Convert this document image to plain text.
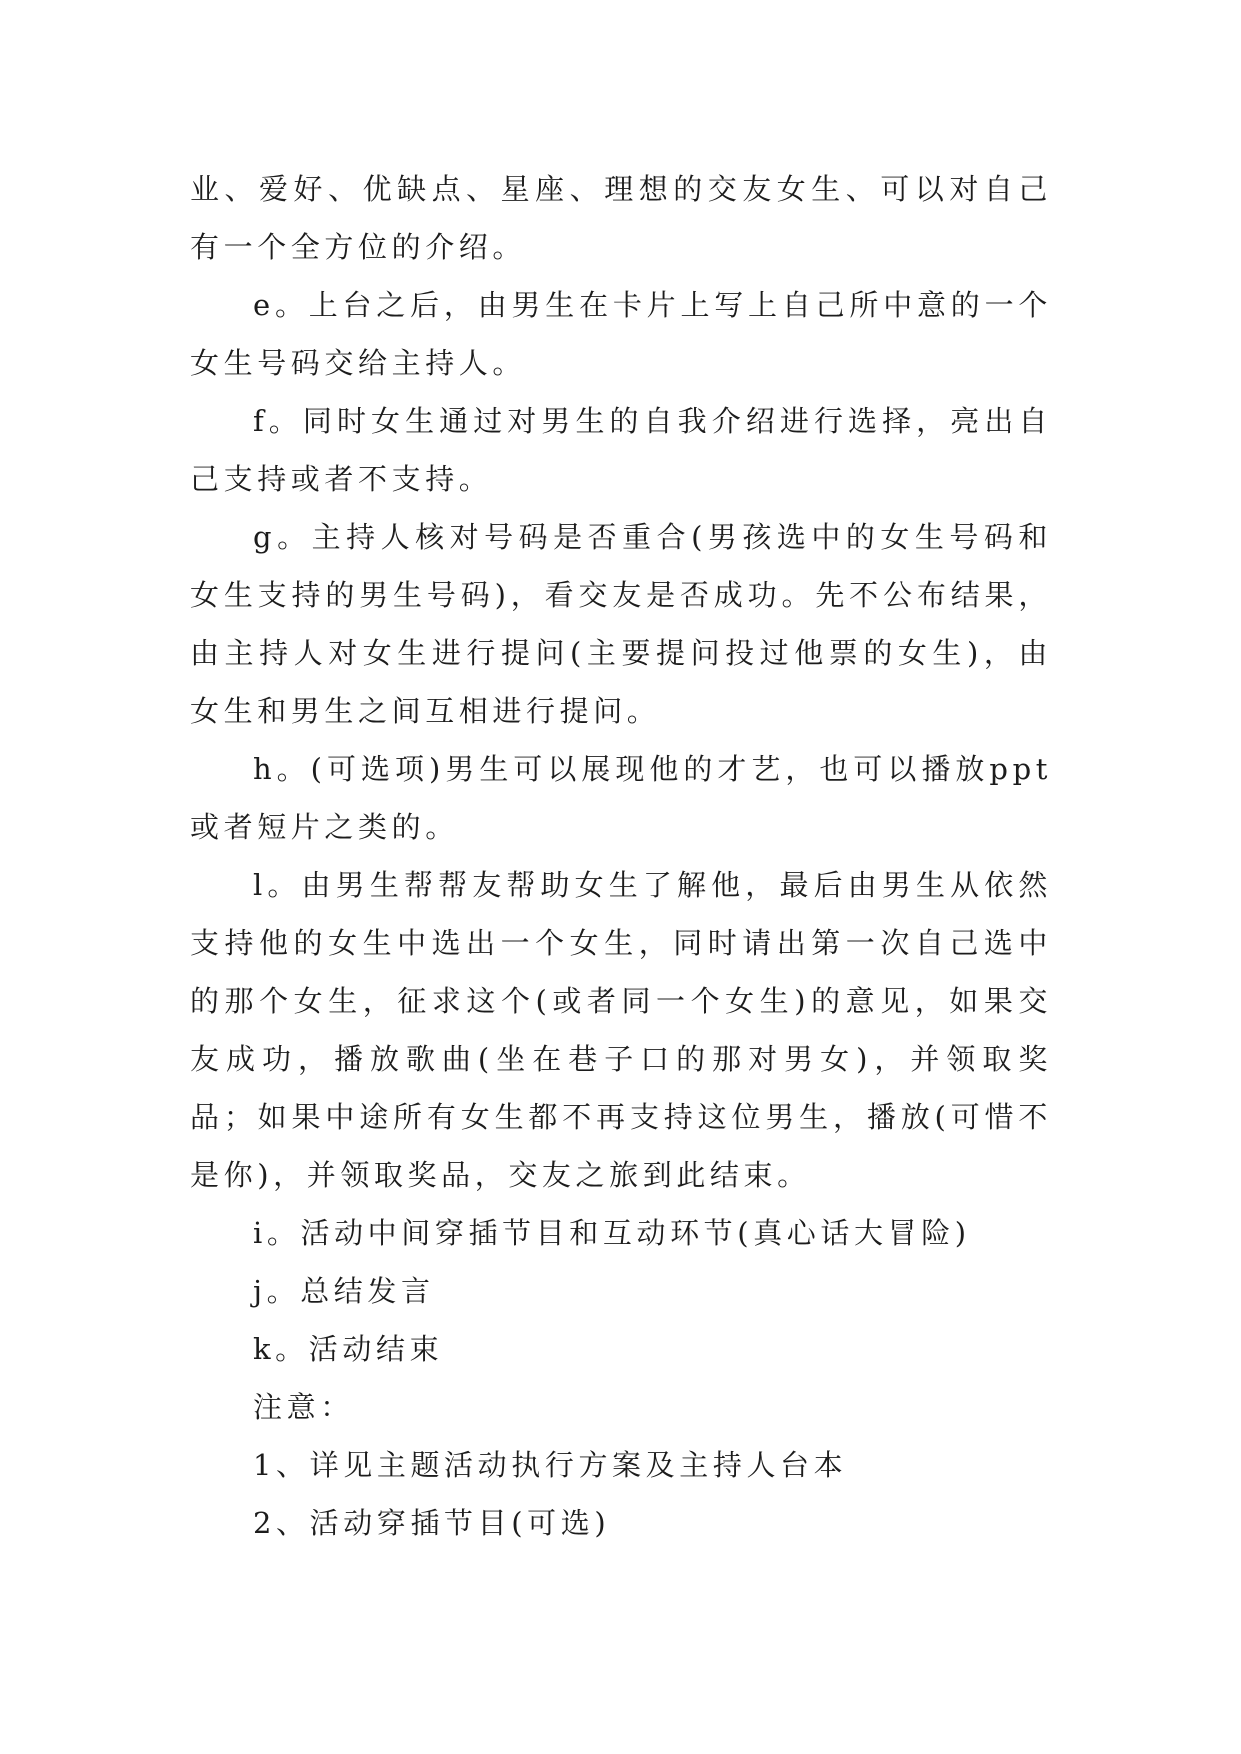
业、爱好、优缺点、星座、理想的交友女生、可以对自己有一个全方位的介绍。

e。上台之后，由男生在卡片上写上自己所中意的一个女生号码交给主持人。

f。同时女生通过对男生的自我介绍进行选择，亮出自己支持或者不支持。

g。主持人核对号码是否重合(男孩选中的女生号码和女生支持的男生号码)，看交友是否成功。先不公布结果，由主持人对女生进行提问(主要提问投过他票的女生)，由女生和男生之间互相进行提问。

h。(可选项)男生可以展现他的才艺，也可以播放ppt或者短片之类的。

l。由男生帮帮友帮助女生了解他，最后由男生从依然支持他的女生中选出一个女生，同时请出第一次自己选中的那个女生，征求这个(或者同一个女生)的意见，如果交友成功，播放歌曲(坐在巷子口的那对男女)，并领取奖品；如果中途所有女生都不再支持这位男生，播放(可惜不是你)，并领取奖品，交友之旅到此结束。

i。活动中间穿插节目和互动环节(真心话大冒险)

j。总结发言

k。活动结束

注意：

1、详见主题活动执行方案及主持人台本

2、活动穿插节目(可选)
